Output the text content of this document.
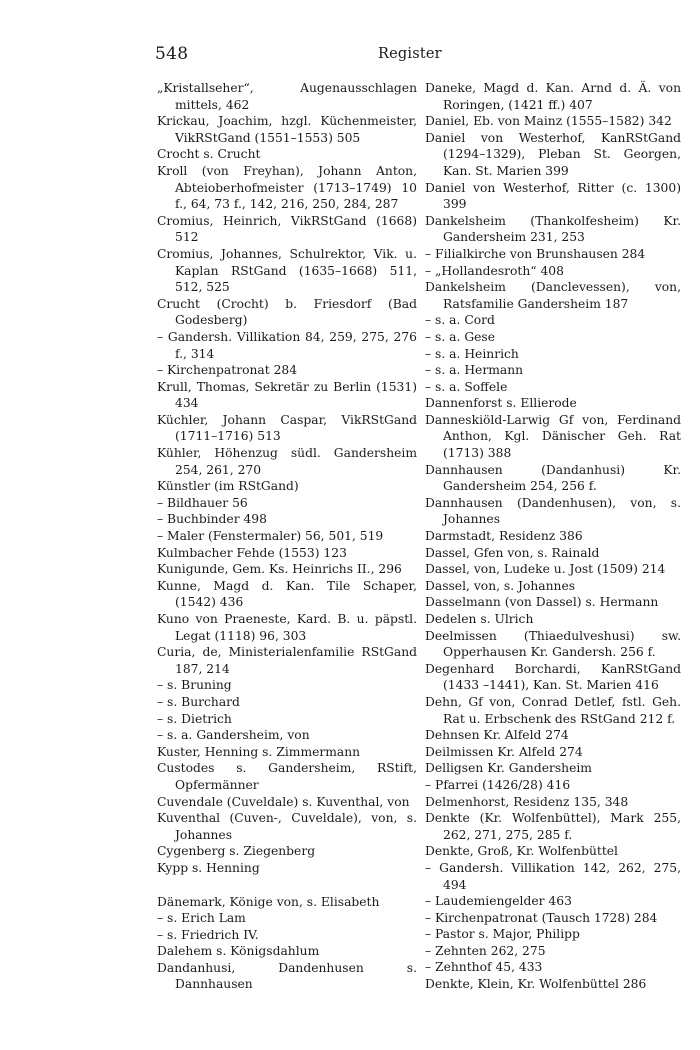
548	Register

„Kristallseher“, Augenausschlagen mittels, 462

Krickau, Joachim, hzgl. Küchenmeister, VikRStGand (1551–1553) 505

Crocht s. Crucht

Kroll (von Freyhan), Johann Anton, Abteioberhofmeister (1713–1749) 10 f., 64, 73 f., 142, 216, 250, 284, 287

Cromius, Heinrich, VikRStGand (1668) 512

Cromius, Johannes, Schulrektor, Vik. u. Kaplan RStGand (1635–1668) 511, 512, 525

Crucht (Crocht) b. Friesdorf (Bad Godesberg)

– Gandersh. Villikation 84, 259, 275, 276 f., 314

– Kirchenpatronat 284

Krull, Thomas, Sekretär zu Berlin (1531) 434

Küchler, Johann Caspar, VikRStGand (1711–1716) 513

Kühler, Höhenzug südl. Gandersheim 254, 261, 270

Künstler (im RStGand)

– Bildhauer 56

– Buchbinder 498

– Maler (Fenstermaler) 56, 501, 519

Kulmbacher Fehde (1553) 123

Kunigunde, Gem. Ks. Heinrichs II., 296

Kunne, Magd d. Kan. Tile Schaper, (1542) 436

Kuno von Praeneste, Kard. B. u. päpstl. Legat (1118) 96, 303

Curia, de, Ministerialenfamilie RStGand 187, 214

– s. Bruning

– s. Burchard

– s. Dietrich

– s. a. Gandersheim, von

Kuster, Henning s. Zimmermann

Custodes s. Gandersheim, RStift, Opfermänner

Cuvendale (Cuveldale) s. Kuventhal, von

Kuventhal (Cuven-, Cuveldale), von, s. Johannes

Cygenberg s. Ziegenberg

Kypp s. Henning

Dänemark, Könige von, s. Elisabeth

– s. Erich Lam

– s. Friedrich IV.

Dalehem s. Königsdahlum

Dandanhusi, Dandenhusen s. Dannhausen

Daneke, Magd d. Kan. Arnd d. Ä. von Roringen, (1421 ff.) 407

Daniel, Eb. von Mainz (1555–1582) 342

Daniel von Westerhof, KanRStGand (1294–1329), Pleban St. Georgen, Kan. St. Marien 399

Daniel von Westerhof, Ritter (c. 1300) 399

Dankelsheim (Thankolfesheim) Kr. Gandersheim 231, 253

– Filialkirche von Brunshausen 284

– „Hollandesroth“ 408

Dankelsheim (Danclevessen), von, Ratsfamilie Gandersheim 187

– s. a. Cord

– s. a. Gese

– s. a. Heinrich

– s. a. Hermann

– s. a. Soffele

Dannenforst s. Ellierode

Danneskiöld-Larwig Gf von, Ferdinand Anthon, Kgl. Dänischer Geh. Rat (1713) 388

Dannhausen (Dandanhusi) Kr. Gandersheim 254, 256 f.

Dannhausen (Dandenhusen), von, s. Johannes

Darmstadt, Residenz 386

Dassel, Gfen von, s. Rainald

Dassel, von, Ludeke u. Jost (1509) 214

Dassel, von, s. Johannes

Dasselmann (von Dassel) s. Hermann

Dedelen s. Ulrich

Deelmissen (Thiaedulveshusi) sw. Opperhausen Kr. Gandersh. 256 f.

Degenhard Borchardi, KanRStGand (1433 –1441), Kan. St. Marien 416

Dehn, Gf von, Conrad Detlef, fstl. Geh. Rat u. Erbschenk des RStGand 212 f.

Dehnsen Kr. Alfeld 274

Deilmissen Kr. Alfeld 274

Delligsen Kr. Gandersheim

– Pfarrei (1426/28) 416

Delmenhorst, Residenz 135, 348

Denkte (Kr. Wolfenbüttel), Mark 255, 262, 271, 275, 285 f.

Denkte, Groß, Kr. Wolfenbüttel

– Gandersh. Villikation 142, 262, 275, 494

– Laudemiengelder 463

– Kirchenpatronat (Tausch 1728) 284

– Pastor s. Major, Philipp

– Zehnten 262, 275

– Zehnthof 45, 433

Denkte, Klein, Kr. Wolfenbüttel 286
